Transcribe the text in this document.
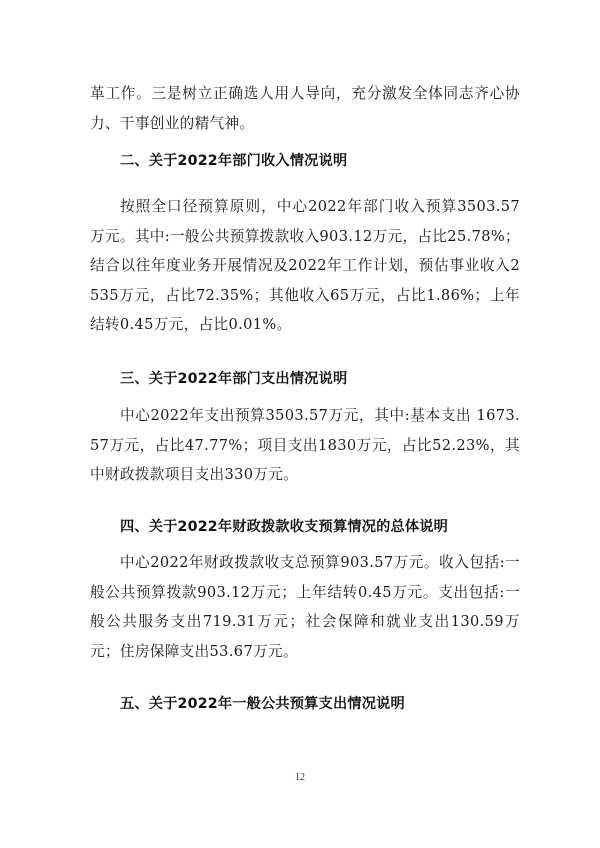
革工作。三是树立正确选人用人导向，充分激发全体同志齐心协力、干事创业的精气神。

二、关于2022年部门收入情况说明

按照全口径预算原则，中心2022年部门收入预算3503.57万元。其中:一般公共预算拨款收入903.12万元，占比25.78%；结合以往年度业务开展情况及2022年工作计划，预估事业收入2535万元，占比72.35%；其他收入65万元，占比1.86%；上年结转0.45万元，占比0.01%。

三、关于2022年部门支出情况说明

中心2022年支出预算3503.57万元，其中:基本支出 1673.57万元，占比47.77%；项目支出1830万元，占比52.23%，其中财政拨款项目支出330万元。

四、关于2022年财政拨款收支预算情况的总体说明

中心2022年财政拨款收支总预算903.57万元。收入包括:一般公共预算拨款903.12万元；上年结转0.45万元。支出包括:一般公共服务支出719.31万元；社会保障和就业支出130.59万元；住房保障支出53.67万元。

五、关于2022年一般公共预算支出情况说明
12
